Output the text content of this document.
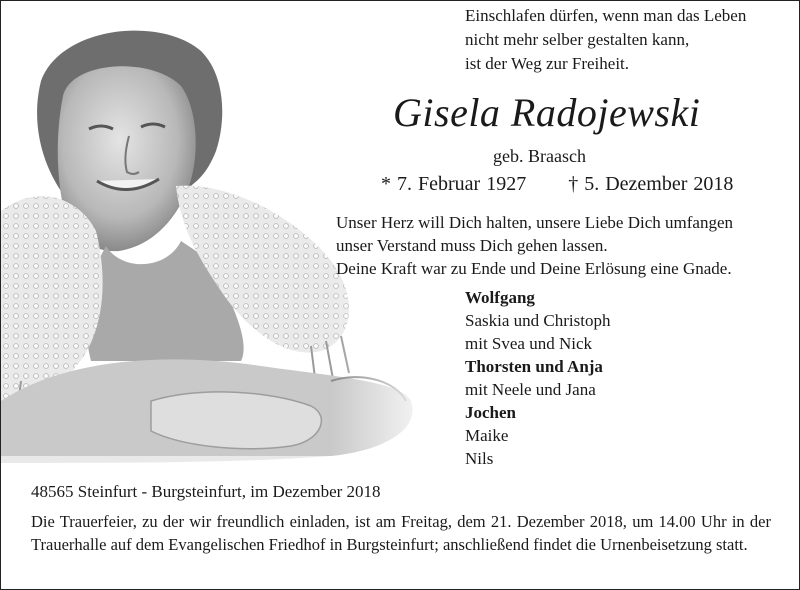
Einschlafen dürfen, wenn man das Leben
nicht mehr selber gestalten kann,
ist der Weg zur Freiheit.
Gisela Radojewski
geb. Braasch
* 7. Februar 1927 † 5. Dezember 2018
Unser Herz will Dich halten, unsere Liebe Dich umfangen
unser Verstand muss Dich gehen lassen.
Deine Kraft war zu Ende und Deine Erlösung eine Gnade.
Wolfgang
Saskia und Christoph
mit Svea und Nick
Thorsten und Anja
mit Neele und Jana
Jochen
Maike
Nils
48565 Steinfurt - Burgsteinfurt, im Dezember 2018
Die Trauerfeier, zu der wir freundlich einladen, ist am Freitag, dem 21. Dezember 2018, um 14.00 Uhr in der Trauerhalle auf dem Evangelischen Friedhof in Burgsteinfurt; anschließend findet die Urnenbeisetzung statt.
